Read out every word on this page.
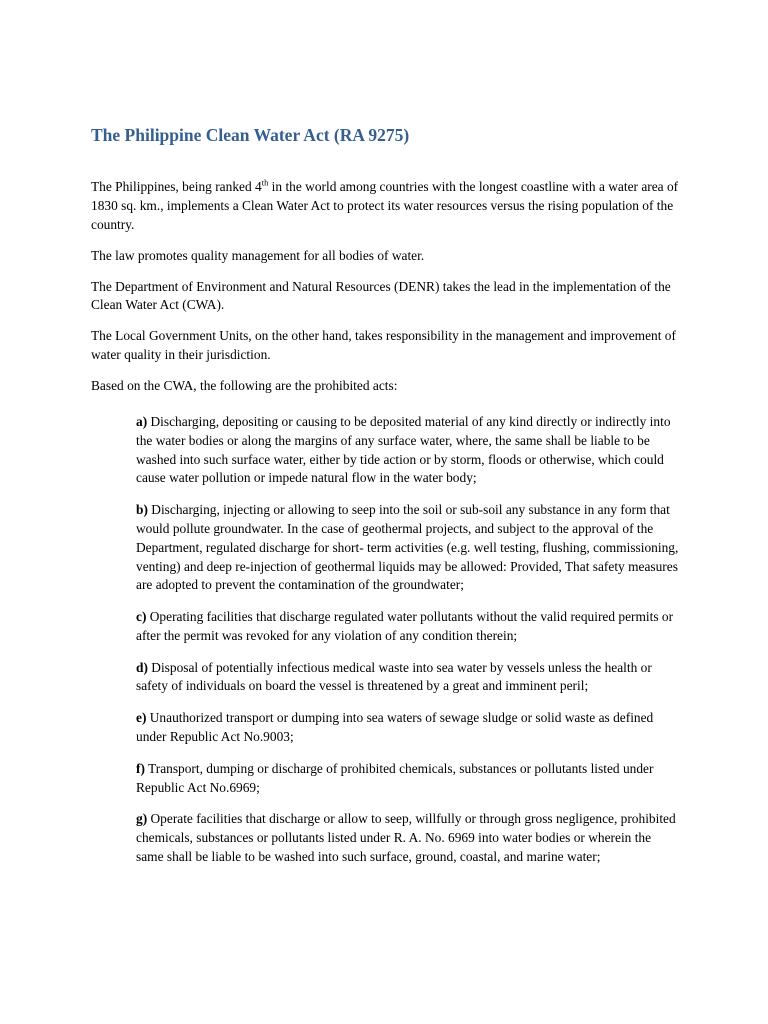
The Philippine Clean Water Act (RA 9275)

The Philippines, being ranked 4th in the world among countries with the longest coastline with a water area of 1830 sq. km., implements a Clean Water Act to protect its water resources versus the rising population of the country.

The law promotes quality management for all bodies of water.

The Department of Environment and Natural Resources (DENR) takes the lead in the implementation of the Clean Water Act (CWA).

The Local Government Units, on the other hand, takes responsibility in the management and improvement of water quality in their jurisdiction.

Based on the CWA, the following are the prohibited acts:

a) Discharging, depositing or causing to be deposited material of any kind directly or indirectly into the water bodies or along the margins of any surface water, where, the same shall be liable to be washed into such surface water, either by tide action or by storm, floods or otherwise, which could cause water pollution or impede natural flow in the water body;

b) Discharging, injecting or allowing to seep into the soil or sub-soil any substance in any form that would pollute groundwater. In the case of geothermal projects, and subject to the approval of the Department, regulated discharge for short- term activities (e.g. well testing, flushing, commissioning, venting) and deep re-injection of geothermal liquids may be allowed: Provided, That safety measures are adopted to prevent the contamination of the groundwater;

c) Operating facilities that discharge regulated water pollutants without the valid required permits or after the permit was revoked for any violation of any condition therein;

d) Disposal of potentially infectious medical waste into sea water by vessels unless the health or safety of individuals on board the vessel is threatened by a great and imminent peril;

e) Unauthorized transport or dumping into sea waters of sewage sludge or solid waste as defined under Republic Act No.9003;

f) Transport, dumping or discharge of prohibited chemicals, substances or pollutants listed under Republic Act No.6969;

g) Operate facilities that discharge or allow to seep, willfully or through gross negligence, prohibited chemicals, substances or pollutants listed under R. A. No. 6969 into water bodies or wherein the same shall be liable to be washed into such surface, ground, coastal, and marine water;
